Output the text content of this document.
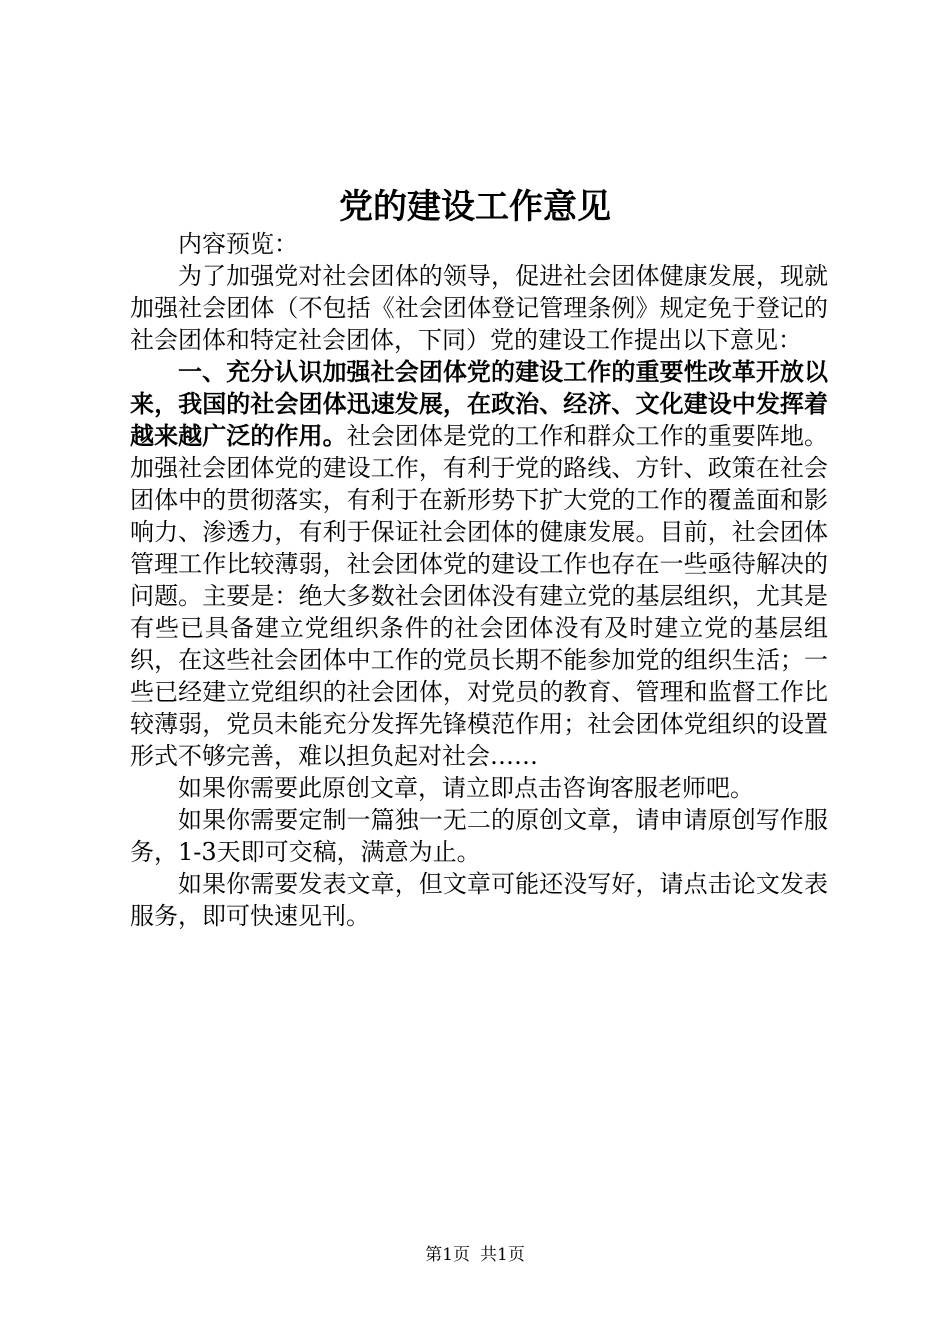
党的建设工作意见

内容预览：

为了加强党对社会团体的领导，促进社会团体健康发展，现就加强社会团体（不包括《社会团体登记管理条例》规定免于登记的社会团体和特定社会团体，下同）党的建设工作提出以下意见：

一、充分认识加强社会团体党的建设工作的重要性改革开放以来，我国的社会团体迅速发展，在政治、经济、文化建设中发挥着越来越广泛的作用。社会团体是党的工作和群众工作的重要阵地。加强社会团体党的建设工作，有利于党的路线、方针、政策在社会团体中的贯彻落实，有利于在新形势下扩大党的工作的覆盖面和影响力、渗透力，有利于保证社会团体的健康发展。目前，社会团体管理工作比较薄弱，社会团体党的建设工作也存在一些亟待解决的问题。主要是：绝大多数社会团体没有建立党的基层组织，尤其是有些已具备建立党组织条件的社会团体没有及时建立党的基层组织，在这些社会团体中工作的党员长期不能参加党的组织生活；一些已经建立党组织的社会团体，对党员的教育、管理和监督工作比较薄弱，党员未能充分发挥先锋模范作用；社会团体党组织的设置形式不够完善，难以担负起对社会……

如果你需要此原创文章，请立即点击咨询客服老师吧。

如果你需要定制一篇独一无二的原创文章，请申请原创写作服务，1-3天即可交稿，满意为止。

如果你需要发表文章，但文章可能还没写好，请点击论文发表服务，即可快速见刊。

第1页 共1页
